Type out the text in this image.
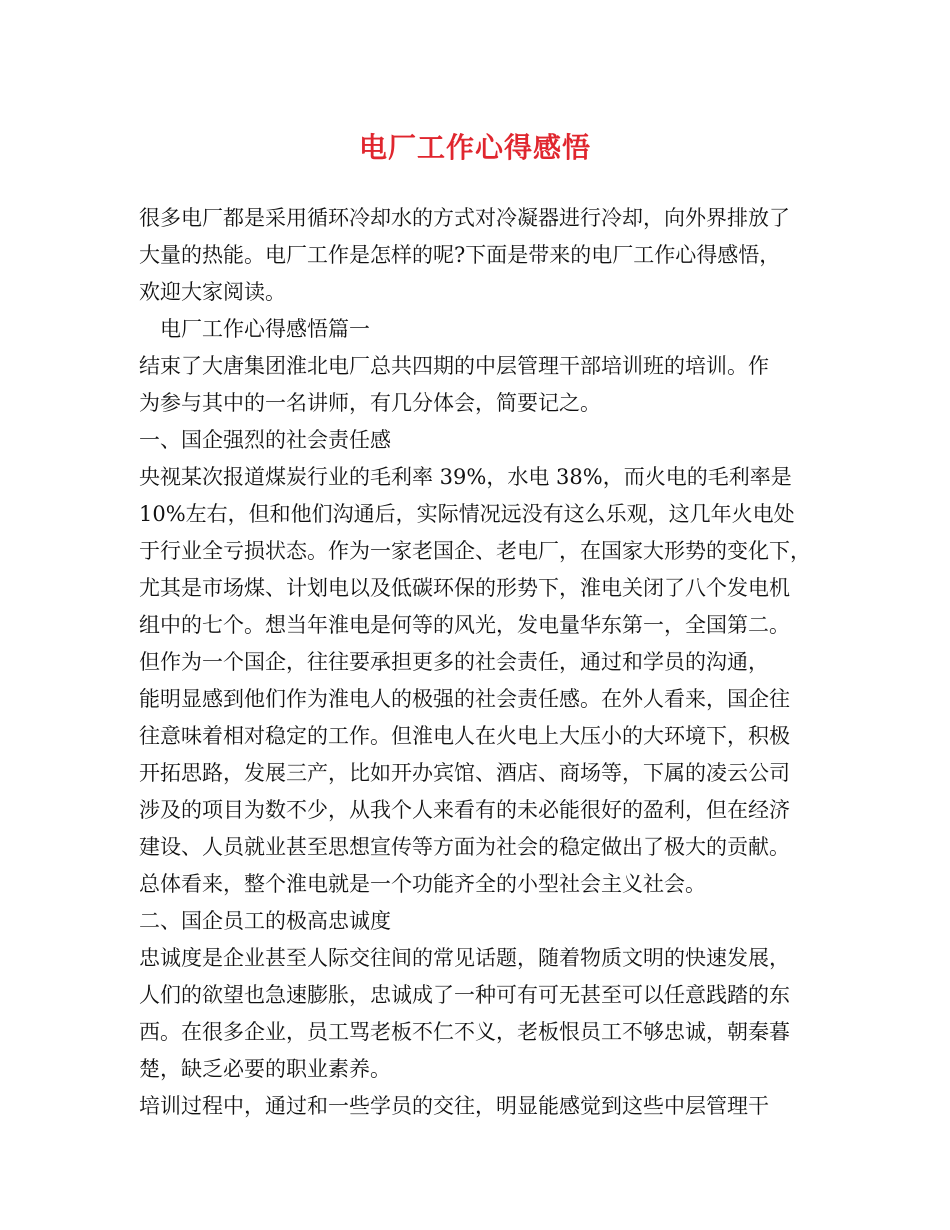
电厂工作心得感悟
很多电厂都是采用循环冷却水的方式对冷凝器进行冷却，向外界排放了
大量的热能。电厂工作是怎样的呢?下面是带来的电厂工作心得感悟，
欢迎大家阅读。
　电厂工作心得感悟篇一
结束了大唐集团淮北电厂总共四期的中层管理干部培训班的培训。作
为参与其中的一名讲师，有几分体会，简要记之。
一、国企强烈的社会责任感
央视某次报道煤炭行业的毛利率 39%，水电 38%，而火电的毛利率是
10%左右，但和他们沟通后，实际情况远没有这么乐观，这几年火电处
于行业全亏损状态。作为一家老国企、老电厂，在国家大形势的变化下，
尤其是市场煤、计划电以及低碳环保的形势下，淮电关闭了八个发电机
组中的七个。想当年淮电是何等的风光，发电量华东第一，全国第二。
但作为一个国企，往往要承担更多的社会责任，通过和学员的沟通，
能明显感到他们作为淮电人的极强的社会责任感。在外人看来，国企往
往意味着相对稳定的工作。但淮电人在火电上大压小的大环境下，积极
开拓思路，发展三产，比如开办宾馆、酒店、商场等，下属的凌云公司
涉及的项目为数不少，从我个人来看有的未必能很好的盈利，但在经济
建设、人员就业甚至思想宣传等方面为社会的稳定做出了极大的贡献。
总体看来，整个淮电就是一个功能齐全的小型社会主义社会。
二、国企员工的极高忠诚度
忠诚度是企业甚至人际交往间的常见话题，随着物质文明的快速发展，
人们的欲望也急速膨胀，忠诚成了一种可有可无甚至可以任意践踏的东
西。在很多企业，员工骂老板不仁不义，老板恨员工不够忠诚，朝秦暮
楚，缺乏必要的职业素养。
培训过程中，通过和一些学员的交往，明显能感觉到这些中层管理干
